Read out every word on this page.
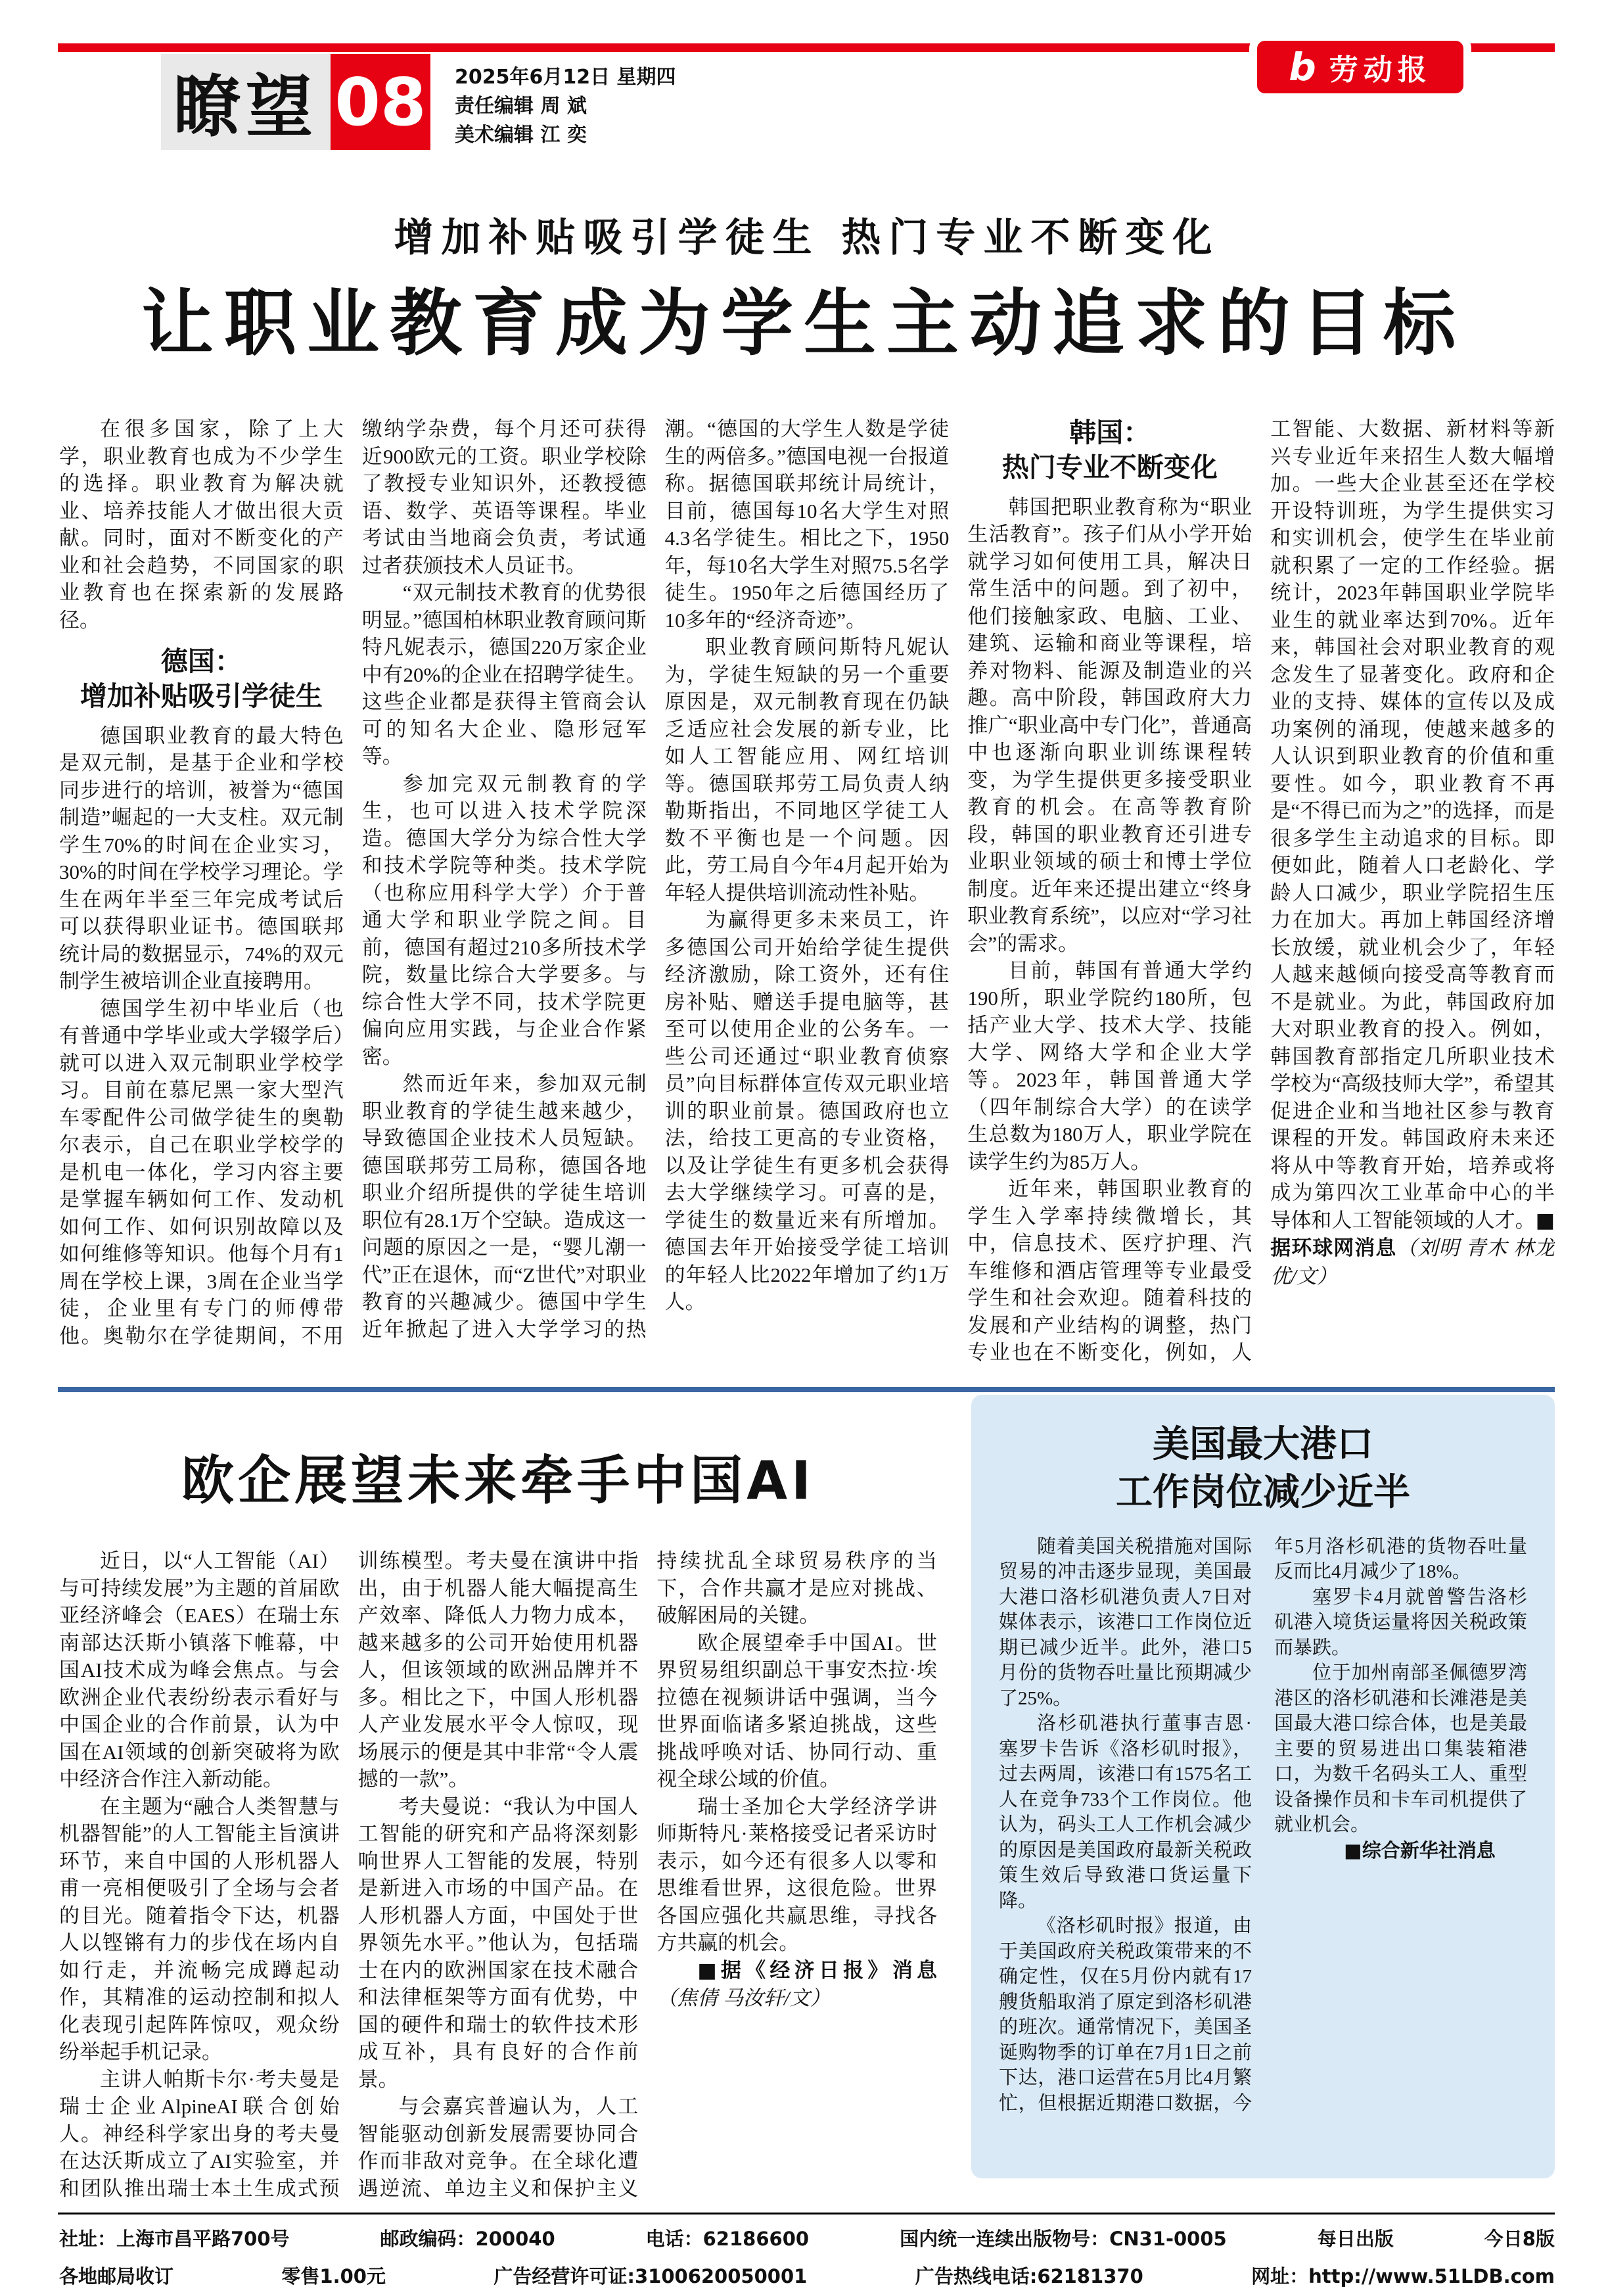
瞭望 08 2025年6月12日 星期四
责任编辑 周 斌
美术编辑 江 奕
b 劳动报
增加补贴吸引学徒生 热门专业不断变化
让职业教育成为学生主动追求的目标

在很多国家，除了上大学，职业教育也成为不少学生的选择。职业教育为解决就业、培养技能人才做出很大贡献。同时，面对不断变化的产业和社会趋势，不同国家的职业教育也在探索新的发展路径。

德国：
增加补贴吸引学徒生

德国职业教育的最大特色是双元制，是基于企业和学校同步进行的培训，被誉为“德国制造”崛起的一大支柱。双元制学生70%的时间在企业实习，30%的时间在学校学习理论。学生在两年半至三年完成考试后可以获得职业证书。德国联邦统计局的数据显示，74%的双元制学生被培训企业直接聘用。

德国学生初中毕业后（也有普通中学毕业或大学辍学后）就可以进入双元制职业学校学习。目前在慕尼黑一家大型汽车零配件公司做学徒生的奥勒尔表示，自己在职业学校学的是机电一体化，学习内容主要是掌握车辆如何工作、发动机如何工作、如何识别故障以及如何维修等知识。他每个月有1周在学校上课，3周在企业当学徒，企业里有专门的师傅带他。奥勒尔在学徒期间，不用缴纳学杂费，每个月还可获得近900欧元的工资。职业学校除了教授专业知识外，还教授德语、数学、英语等课程。毕业考试由当地商会负责，考试通过者获颁技术人员证书。

“双元制技术教育的优势很明显。”德国柏林职业教育顾问斯特凡妮表示，德国220万家企业中有20%的企业在招聘学徒生。这些企业都是获得主管商会认可的知名大企业、隐形冠军等。

参加完双元制教育的学生，也可以进入技术学院深造。德国大学分为综合性大学和技术学院等种类。技术学院（也称应用科学大学）介于普通大学和职业学院之间。目前，德国有超过210多所技术学院，数量比综合大学要多。与综合性大学不同，技术学院更偏向应用实践，与企业合作紧密。

然而近年来，参加双元制职业教育的学徒生越来越少，导致德国企业技术人员短缺。德国联邦劳工局称，德国各地职业介绍所提供的学徒生培训职位有28.1万个空缺。造成这一问题的原因之一是，“婴儿潮一代”正在退休，而“Z世代”对职业教育的兴趣减少。德国中学生近年掀起了进入大学学习的热潮。“德国的大学生人数是学徒生的两倍多。”德国电视一台报道称。据德国联邦统计局统计，目前，德国每10名大学生对照4.3名学徒生。相比之下，1950年，每10名大学生对照75.5名学徒生。1950年之后德国经历了10多年的“经济奇迹”。

职业教育顾问斯特凡妮认为，学徒生短缺的另一个重要原因是，双元制教育现在仍缺乏适应社会发展的新专业，比如人工智能应用、网红培训等。德国联邦劳工局负责人纳勒斯指出，不同地区学徒工人数不平衡也是一个问题。因此，劳工局自今年4月起开始为年轻人提供培训流动性补贴。

为赢得更多未来员工，许多德国公司开始给学徒生提供经济激励，除工资外，还有住房补贴、赠送手提电脑等，甚至可以使用企业的公务车。一些公司还通过“职业教育侦察员”向目标群体宣传双元职业培训的职业前景。德国政府也立法，给技工更高的专业资格，以及让学徒生有更多机会获得去大学继续学习。可喜的是，学徒生的数量近来有所增加。德国去年开始接受学徒工培训的年轻人比2022年增加了约1万人。

韩国：
热门专业不断变化

韩国把职业教育称为“职业生活教育”。孩子们从小学开始就学习如何使用工具，解决日常生活中的问题。到了初中，他们接触家政、电脑、工业、建筑、运输和商业等课程，培养对物料、能源及制造业的兴趣。高中阶段，韩国政府大力推广“职业高中专门化”，普通高中也逐渐向职业训练课程转变，为学生提供更多接受职业教育的机会。在高等教育阶段，韩国的职业教育还引进专业职业领域的硕士和博士学位制度。近年来还提出建立“终身职业教育系统”，以应对“学习社会”的需求。

目前，韩国有普通大学约190所，职业学院约180所，包括产业大学、技术大学、技能大学、网络大学和企业大学等。2023年，韩国普通大学（四年制综合大学）的在读学生总数为180万人，职业学院在读学生约为85万人。

近年来，韩国职业教育的学生入学率持续微增长，其中，信息技术、医疗护理、汽车维修和酒店管理等专业最受学生和社会欢迎。随着科技的发展和产业结构的调整，热门专业也在不断变化，例如，人工智能、大数据、新材料等新兴专业近年来招生人数大幅增加。一些大企业甚至还在学校开设特训班，为学生提供实习和实训机会，使学生在毕业前就积累了一定的工作经验。据统计，2023年韩国职业学院毕业生的就业率达到70%。近年来，韩国社会对职业教育的观念发生了显著变化。政府和企业的支持、媒体的宣传以及成功案例的涌现，使越来越多的人认识到职业教育的价值和重要性。如今，职业教育不再是“不得已而为之”的选择，而是很多学生主动追求的目标。即便如此，随着人口老龄化、学龄人口减少，职业学院招生压力在加大。再加上韩国经济增长放缓，就业机会少了，年轻人越来越倾向接受高等教育而不是就业。为此，韩国政府加大对职业教育的投入。例如，韩国教育部指定几所职业技术学校为“高级技师大学”，希望其促进企业和当地社区参与教育课程的开发。韩国政府未来还将从中等教育开始，培养或将成为第四次工业革命中心的半导体和人工智能领域的人才。■据环球网消息（刘明 青木 林龙优/文）

欧企展望未来牵手中国AI

近日，以“人工智能（AI）与可持续发展”为主题的首届欧亚经济峰会（EAES）在瑞士东南部达沃斯小镇落下帷幕，中国AI技术成为峰会焦点。与会欧洲企业代表纷纷表示看好与中国企业的合作前景，认为中国在AI领域的创新突破将为欧中经济合作注入新动能。

在主题为“融合人类智慧与机器智能”的人工智能主旨演讲环节，来自中国的人形机器人甫一亮相便吸引了全场与会者的目光。随着指令下达，机器人以铿锵有力的步伐在场内自如行走，并流畅完成蹲起动作，其精准的运动控制和拟人化表现引起阵阵惊叹，观众纷纷举起手机记录。

主讲人帕斯卡尔·考夫曼是瑞士企业AlpineAI联合创始人。神经科学家出身的考夫曼在达沃斯成立了AI实验室，并和团队推出瑞士本土生成式预训练模型。考夫曼在演讲中指出，由于机器人能大幅提高生产效率、降低人力物力成本，越来越多的公司开始使用机器人，但该领域的欧洲品牌并不多。相比之下，中国人形机器人产业发展水平令人惊叹，现场展示的便是其中非常“令人震撼的一款”。

考夫曼说：“我认为中国人工智能的研究和产品将深刻影响世界人工智能的发展，特别是新进入市场的中国产品。在人形机器人方面，中国处于世界领先水平。”他认为，包括瑞士在内的欧洲国家在技术融合和法律框架等方面有优势，中国的硬件和瑞士的软件技术形成互补，具有良好的合作前景。

与会嘉宾普遍认为，人工智能驱动创新发展需要协同合作而非敌对竞争。在全球化遭遇逆流、单边主义和保护主义持续扰乱全球贸易秩序的当下，合作共赢才是应对挑战、破解困局的关键。

欧企展望牵手中国AI。世界贸易组织副总干事安杰拉·埃拉德在视频讲话中强调，当今世界面临诸多紧迫挑战，这些挑战呼唤对话、协同行动、重视全球公域的价值。

瑞士圣加仑大学经济学讲师斯特凡·莱格接受记者采访时表示，如今还有很多人以零和思维看世界，这很危险。世界各国应强化共赢思维，寻找各方共赢的机会。

■据《经济日报》消息（焦倩 马汝轩/文）

美国最大港口
工作岗位减少近半

随着美国关税措施对国际贸易的冲击逐步显现，美国最大港口洛杉矶港负责人7日对媒体表示，该港口工作岗位近期已减少近半。此外，港口5月份的货物吞吐量比预期减少了25%。

洛杉矶港执行董事吉恩·塞罗卡告诉《洛杉矶时报》，过去两周，该港口有1575名工人在竞争733个工作岗位。他认为，码头工人工作机会减少的原因是美国政府最新关税政策生效后导致港口货运量下降。

《洛杉矶时报》报道，由于美国政府关税政策带来的不确定性，仅在5月份内就有17艘货船取消了原定到洛杉矶港的班次。通常情况下，美国圣诞购物季的订单在7月1日之前下达，港口运营在5月比4月繁忙，但根据近期港口数据，今年5月洛杉矶港的货物吞吐量反而比4月减少了18%。

塞罗卡4月就曾警告洛杉矶港入境货运量将因关税政策而暴跌。

位于加州南部圣佩德罗湾港区的洛杉矶港和长滩港是美国最大港口综合体，也是美最主要的贸易进出口集装箱港口，为数千名码头工人、重型设备操作员和卡车司机提供了就业机会。

■综合新华社消息

社址：上海市昌平路700号	邮政编码：200040	电话：62186600	国内统一连续出版物号：CN31-0005	每日出版	今日8版
各地邮局收订	零售1.00元	广告经营许可证:3100620050001	广告热线电话:62181370	网址：http://www.51LDB.com
